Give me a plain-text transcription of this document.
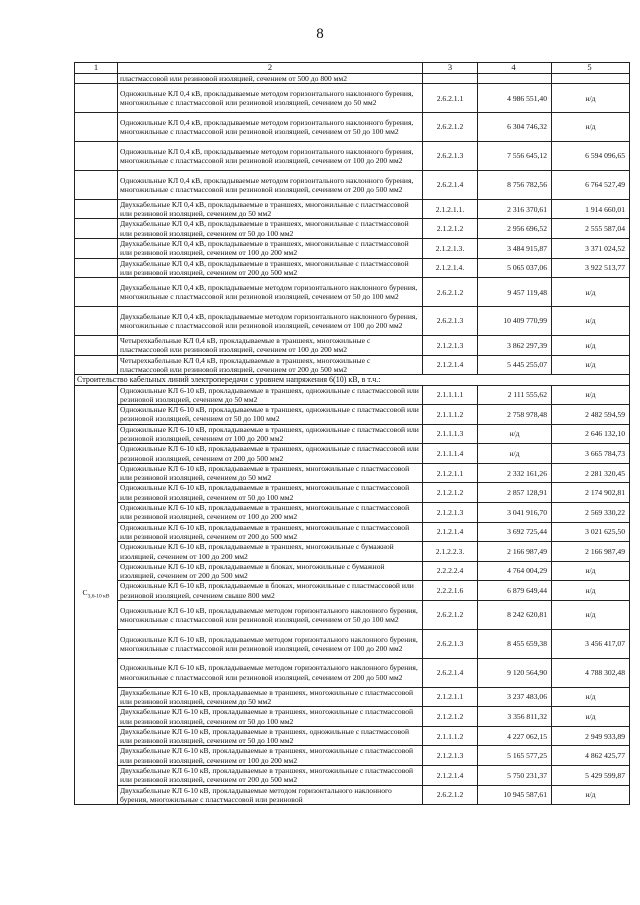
8
1	2	3	4	5
	пластмассовой или резиновой изоляцией, сечением от 500 до 800 мм2			
	Одножильные КЛ 0,4 кВ, прокладываемые методом горизонтального наклонного бурения, многожильные с пластмассовой или резиновой изоляцией, сечением до 50 мм2	2.6.2.1.1	4 986 551,40	н/д
	Одножильные КЛ 0,4 кВ, прокладываемые методом горизонтального наклонного бурения, многожильные с пластмассовой или резиновой изоляцией, сечением от 50 до 100 мм2	2.6.2.1.2	6 304 746,32	н/д
	Одножильные КЛ 0,4 кВ, прокладываемые методом горизонтального наклонного бурения, многожильные с пластмассовой или резиновой изоляцией, сечением от 100 до 200 мм2	2.6.2.1.3	7 556 645,12	6 594 096,65
	Одножильные КЛ 0,4 кВ, прокладываемые методом горизонтального наклонного бурения, многожильные с пластмассовой или резиновой изоляцией, сечением от 200 до 500 мм2	2.6.2.1.4	8 756 782,56	6 764 527,49
	Двухкабельные КЛ 0,4 кВ, прокладываемые в траншеях, многожильные с пластмассовой или резиновой изоляцией, сечением до 50 мм2	2.1.2.1.1.	2 316 370,61	1 914 660,01
	Двухкабельные КЛ 0,4 кВ, прокладываемые в траншеях, многожильные с пластмассовой или резиновой изоляцией, сечением от 50 до 100 мм2	2.1.2.1.2	2 956 696,52	2 555 587,04
	Двухкабельные КЛ 0,4 кВ, прокладываемые в траншеях, многожильные с пластмассовой или резиновой изоляцией, сечением от 100 до 200 мм2	2.1.2.1.3.	3 484 915,87	3 371 024,52
	Двухкабельные КЛ 0,4 кВ, прокладываемые в траншеях, многожильные с пластмассовой или резиновой изоляцией, сечением от 200 до 500 мм2	2.1.2.1.4.	5 065 037,06	3 922 513,77
	Двухкабельные КЛ 0,4 кВ, прокладываемые методом горизонтального наклонного бурения, многожильные с пластмассовой или резиновой изоляцией, сечением от 50 до 100 мм2	2.6.2.1.2	9 457 119,48	н/д
	Двухкабельные КЛ 0,4 кВ, прокладываемые методом горизонтального наклонного бурения, многожильные с пластмассовой или резиновой изоляцией, сечением от 100 до 200 мм2	2.6.2.1.3	10 409 770,99	н/д
	Четырехкабельные КЛ 0,4 кВ, прокладываемые в траншеях, многожильные с пластмассовой или резиновой изоляцией, сечением от 100 до 200 мм2	2.1.2.1.3	3 862 297,39	н/д
	Четырехкабельные КЛ 0,4 кВ, прокладываемые в траншеях, многожильные с пластмассовой или резиновой изоляцией, сечением от 200 до 500 мм2	2.1.2.1.4	5 445 255,07	н/д
Строительство кабельных линий электропередачи с уровнем напряжения 6(10) кВ, в т.ч.:				
$C_{3,6-10 кВ}$	Одножильные КЛ 6-10 кВ, прокладываемые в траншеях, одножильные с пластмассовой или резиновой изоляцией, сечением до 50 мм2	2.1.1.1.1	2 111 555,62	н/д
	Одножильные КЛ 6-10 кВ, прокладываемые в траншеях, одножильные с пластмассовой или резиновой изоляцией, сечением от 50 до 100 мм2	2.1.1.1.2	2 758 978,48	2 482 594,59
	Одножильные КЛ 6-10 кВ, прокладываемые в траншеях, одножильные с пластмассовой или резиновой изоляцией, сечением от 100 до 200 мм2	2.1.1.1.3	н/д	2 646 132,10
	Одножильные КЛ 6-10 кВ, прокладываемые в траншеях, одножильные с пластмассовой или резиновой изоляцией, сечением от 200 до 500 мм2	2.1.1.1.4	н/д	3 665 784,73
	Одножильные КЛ 6-10 кВ, прокладываемые в траншеях, многожильные с пластмассовой или резиновой изоляцией, сечением до 50 мм2	2.1.2.1.1	2 332 161,26	2 281 320,45
	Одножильные КЛ 6-10 кВ, прокладываемые в траншеях, многожильные с пластмассовой или резиновой изоляцией, сечением от 50 до 100 мм2	2.1.2.1.2	2 857 128,91	2 174 902,81
	Одножильные КЛ 6-10 кВ, прокладываемые в траншеях, многожильные с пластмассовой или резиновой изоляцией, сечением от 100 до 200 мм2	2.1.2.1.3	3 041 916,70	2 569 330,22
	Одножильные КЛ 6-10 кВ, прокладываемые в траншеях, многожильные с пластмассовой или резиновой изоляцией, сечением от 200 до 500 мм2	2.1.2.1.4	3 692 725,44	3 021 625,50
	Одножильные КЛ 6-10 кВ, прокладываемые в траншеях, многожильные с бумажной изоляцией, сечением от 100 до 200 мм2	2.1.2.2.3.	2 166 987,49	2 166 987,49
	Одножильные КЛ 6-10 кВ, прокладываемые в блоках, многожильные с бумажной изоляцией, сечением от 200 до 500 мм2	2.2.2.2.4	4 764 004,29	н/д
	Одножильные КЛ 6-10 кВ, прокладываемые в блоках, многожильные с пластмассовой или резиновой изоляцией, сечением свыше 800 мм2	2.2.2.1.6	6 879 649,44	н/д
	Одножильные КЛ 6-10 кВ, прокладываемые методом горизонтального наклонного бурения, многожильные с пластмассовой или резиновой изоляцией, сечением от 50 до 100 мм2	2.6.2.1.2	8 242 620,81	н/д
	Одножильные КЛ 6-10 кВ, прокладываемые методом горизонтального наклонного бурения, многожильные с пластмассовой или резиновой изоляцией, сечением от 100 до 200 мм2	2.6.2.1.3	8 455 659,38	3 456 417,07
	Одножильные КЛ 6-10 кВ, прокладываемые методом горизонтального наклонного бурения, многожильные с пластмассовой или резиновой изоляцией, сечением от 200 до 500 мм2	2.6.2.1.4	9 120 564,90	4 788 302,48
	Двухкабельные КЛ 6-10 кВ, прокладываемые в траншеях, многожильные с пластмассовой или резиновой изоляцией, сечением до 50 мм2	2.1.2.1.1	3 237 483,06	н/д
	Двухкабельные КЛ 6-10 кВ, прокладываемые в траншеях, многожильные с пластмассовой или резиновой изоляцией, сечением от 50 до 100 мм2	2.1.2.1.2	3 356 811,32	н/д
	Двухкабельные КЛ 6-10 кВ, прокладываемые в траншеях, одножильные с пластмассовой или резиновой изоляцией, сечением от 50 до 100 мм2	2.1.1.1.2	4 227 062,15	2 949 933,89
	Двухкабельные КЛ 6-10 кВ, прокладываемые в траншеях, многожильные с пластмассовой или резиновой изоляцией, сечением от 100 до 200 мм2	2.1.2.1.3	5 165 577,25	4 862 425,77
	Двухкабельные КЛ 6-10 кВ, прокладываемые в траншеях, многожильные с пластмассовой или резиновой изоляцией, сечением от 200 до 500 мм2	2.1.2.1.4	5 750 231,37	5 429 599,87
	Двухкабельные КЛ 6-10 кВ, прокладываемые методом горизонтального наклонного бурения, многожильные с пластмассовой или резиновой	2.6.2.1.2	10 945 587,61	н/д
